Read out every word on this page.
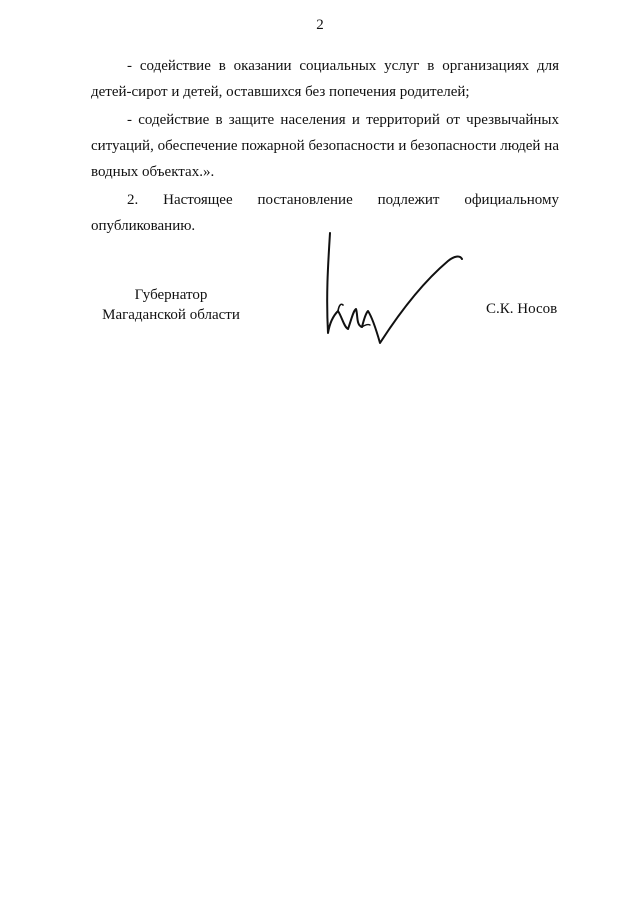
2

- содействие в оказании социальных услуг в организациях для детей-сирот и детей, оставшихся без попечения родителей;

- содействие в защите населения и территорий от чрезвычайных ситуаций, обеспечение пожарной безопасности и безопасности людей на водных объектах.».

2. Настоящее постановление подлежит официальному
опубликованию.

Губернатор
Магаданской области	С.К. Носов
